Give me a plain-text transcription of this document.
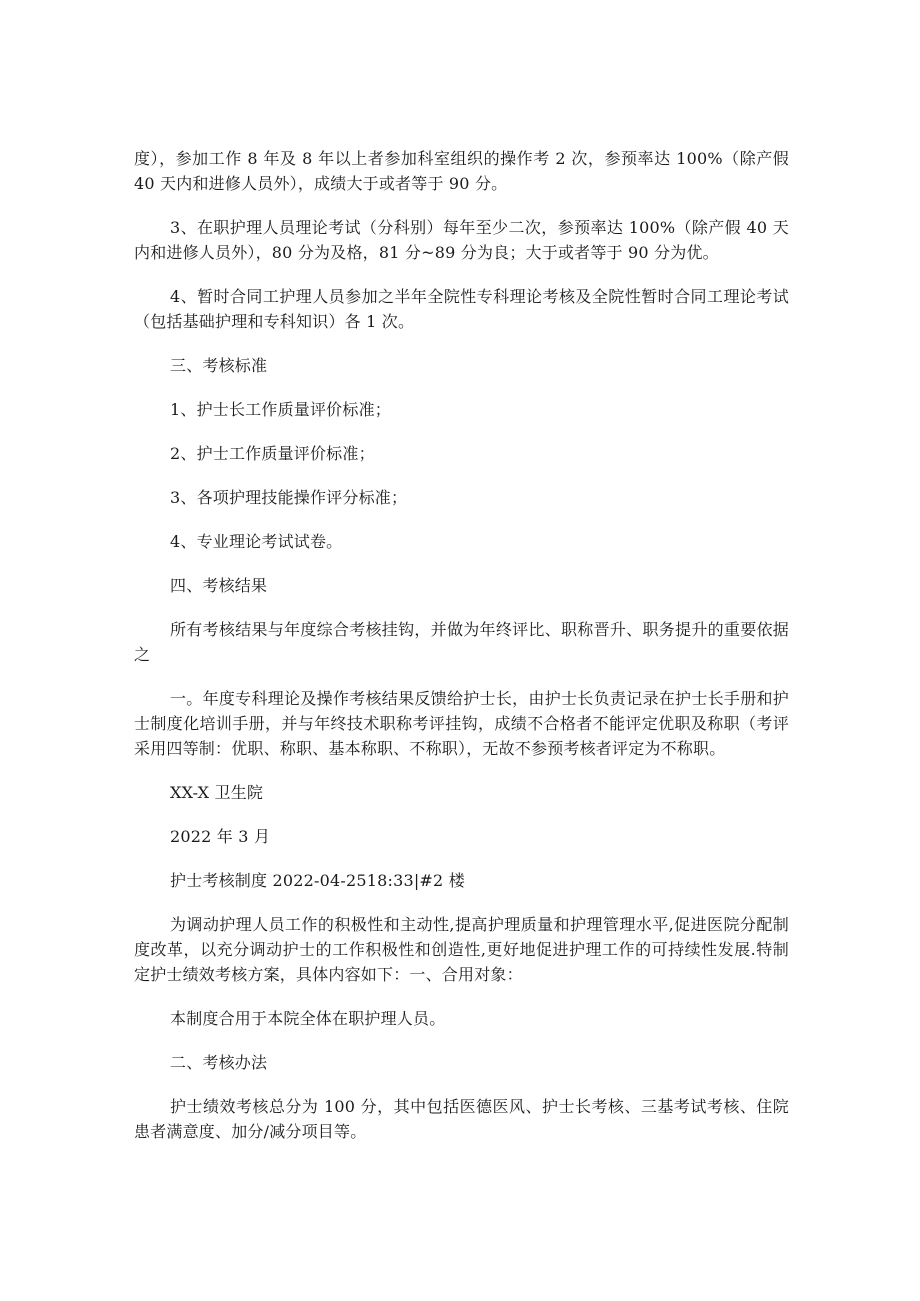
度），参加工作 8 年及 8 年以上者参加科室组织的操作考 2 次，参预率达 100%（除产假 40 天内和进修人员外），成绩大于或者等于 90 分。

3、在职护理人员理论考试（分科别）每年至少二次，参预率达 100%（除产假 40 天内和进修人员外），80 分为及格，81 分~89 分为良；大于或者等于 90 分为优。

4、暂时合同工护理人员参加之半年全院性专科理论考核及全院性暂时合同工理论考试（包括基础护理和专科知识）各 1 次。

三、考核标准

1、护士长工作质量评价标准；

2、护士工作质量评价标准；

3、各项护理技能操作评分标准；

4、专业理论考试试卷。

四、考核结果

所有考核结果与年度综合考核挂钩，并做为年终评比、职称晋升、职务提升的重要依据之

一。年度专科理论及操作考核结果反馈给护士长，由护士长负责记录在护士长手册和护士制度化培训手册，并与年终技术职称考评挂钩，成绩不合格者不能评定优职及称职（考评采用四等制：优职、称职、基本称职、不称职），无故不参预考核者评定为不称职。

XX-X 卫生院

2022 年 3 月

护士考核制度 2022-04-2518:33|#2 楼

为调动护理人员工作的积极性和主动性,提高护理质量和护理管理水平,促进医院分配制度改革，以充分调动护士的工作积极性和创造性,更好地促进护理工作的可持续性发展.特制定护士绩效考核方案，具体内容如下：一、合用对象：

本制度合用于本院全体在职护理人员。

二、考核办法

护士绩效考核总分为 100 分，其中包括医德医风、护士长考核、三基考试考核、住院患者满意度、加分/减分项目等。
